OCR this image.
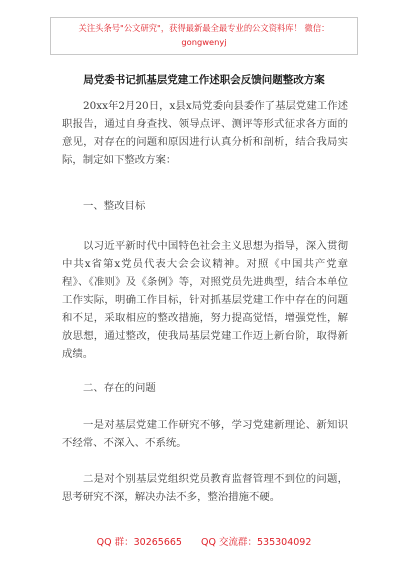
关注头条号"公文研究"，获得最新最全最专业的公文资料库！ 微信：gongwenyj
局党委书记抓基层党建工作述职会反馈问题整改方案
20xx年2月20日，x县x局党委向县委作了基层党建工作述职报告，通过自身查找、领导点评、测评等形式征求各方面的意见，对存在的问题和原因进行认真分析和剖析，结合我局实际，制定如下整改方案：
一、整改目标
以习近平新时代中国特色社会主义思想为指导，深入贯彻中共x省第x党员代表大会会议精神。对照《中国共产党章程》、《准则》及《条例》等，对照党员先进典型，结合本单位工作实际，明确工作目标，针对抓基层党建工作中存在的问题和不足，采取相应的整改措施，努力提高觉悟，增强党性，解放思想，通过整改，使我局基层党建工作迈上新台阶，取得新成绩。
二、存在的问题
一是对基层党建工作研究不够，学习党建新理论、新知识不经常、不深入、不系统。
二是对个别基层党组织党员教育监督管理不到位的问题，思考研究不深，解决办法不多，整治措施不硬。
QQ 群：30265665 QQ 交流群：535304092
